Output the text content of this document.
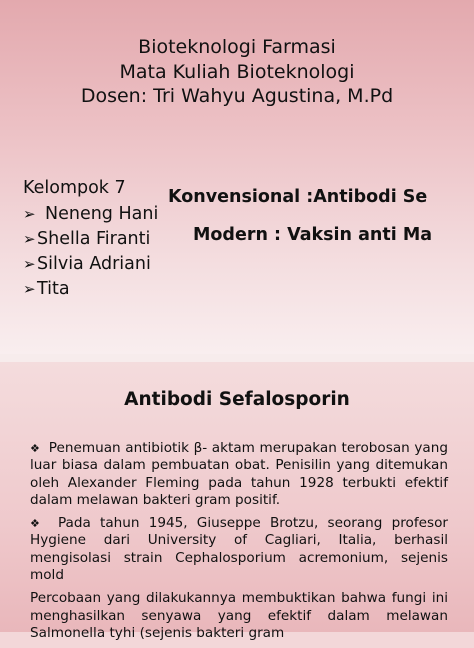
Bioteknologi Farmasi
Mata Kuliah Bioteknologi
Dosen: Tri Wahyu Agustina, M.Pd
Kelompok 7
➢ Neneng Hani
➢ Shella Firanti
➢ Silvia Adriani
➢ Tita
Konvensional :Antibodi Se
Modern : Vaksin anti Ma
Antibodi Sefalosporin
❖ Penemuan antibiotik β- aktam merupakan terobosan yang luar biasa dalam pembuatan obat. Penisilin yang ditemukan oleh Alexander Fleming pada tahun 1928 terbukti efektif dalam melawan bakteri gram positif.
❖ Pada tahun 1945, Giuseppe Brotzu, seorang profesor Hygiene dari University of Cagliari, Italia, berhasil mengisolasi strain Cephalosporium acremonium, sejenis mold
Percobaan yang dilakukannya membuktikan bahwa fungi ini menghasilkan senyawa yang efektif dalam melawan Salmonella tyhi (sejenis bakteri gram
